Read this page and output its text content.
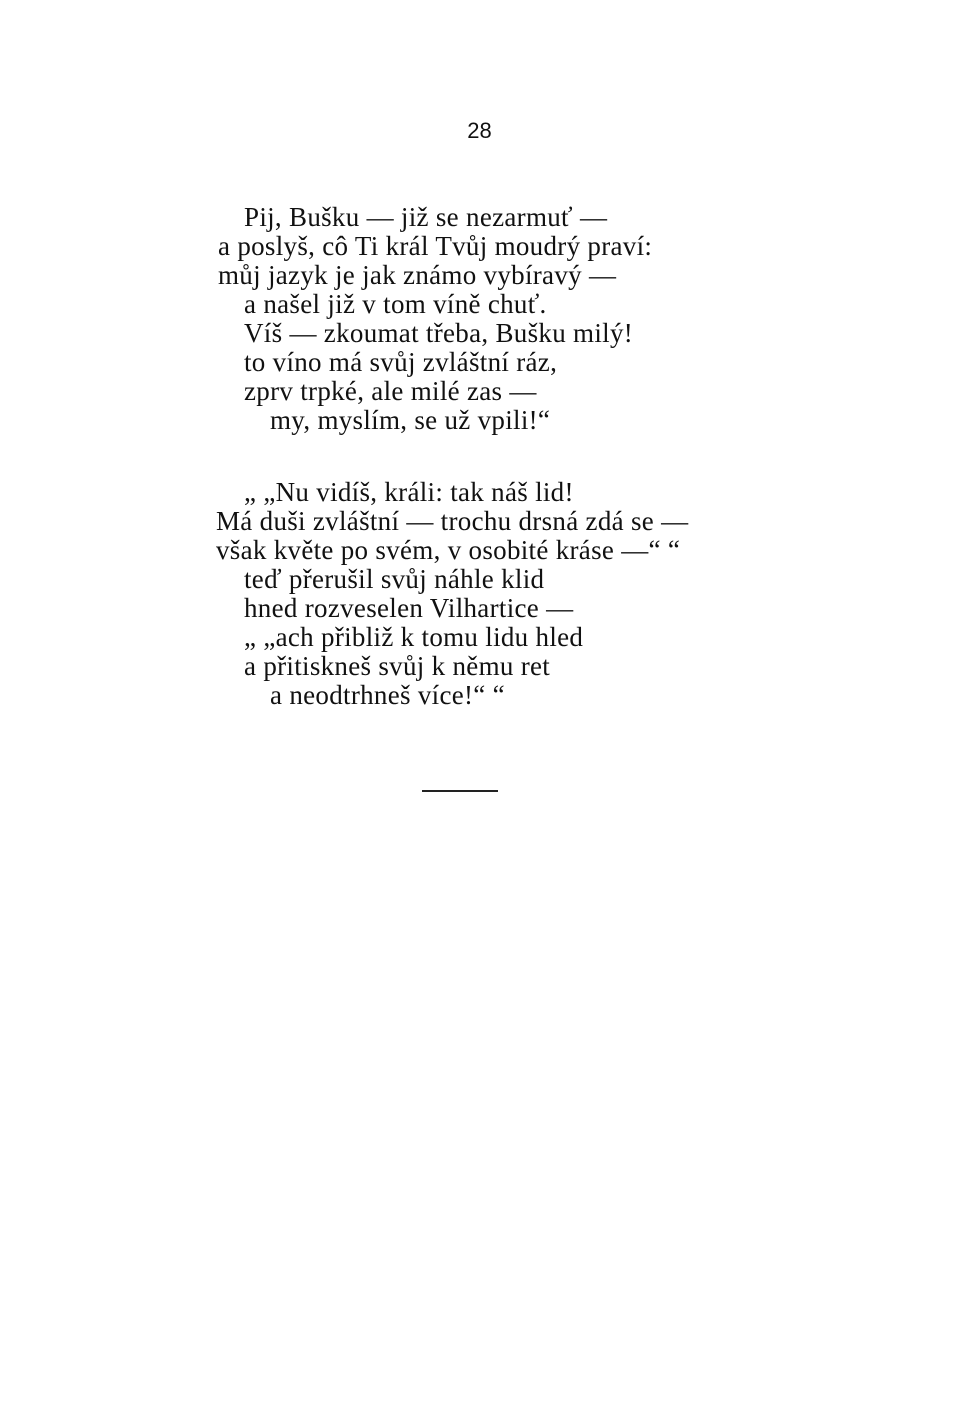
28
Pij, Bušku — již se nezarmuť —
a poslyš, cô Ti král Tvůj moudrý praví:
můj jazyk je jak známo vybíravý —
a našel již v tom víně chuť.
Víš — zkoumat třeba, Bušku milý!
to víno má svůj zvláštní ráz,
zprv trpké, ale milé zas —
my, myslím, se už vpili!“
„ „Nu vidíš, králi: tak náš lid!
Má duši zvláštní — trochu drsná zdá se —
však květe po svém, v osobité kráse —“ “
teď přerušil svůj náhle klid
hned rozveselen Vilhartice —
„ „ach přibliž k tomu lidu hled
a přitiskneš svůj k němu ret
a neodtrhneš více!“ “
